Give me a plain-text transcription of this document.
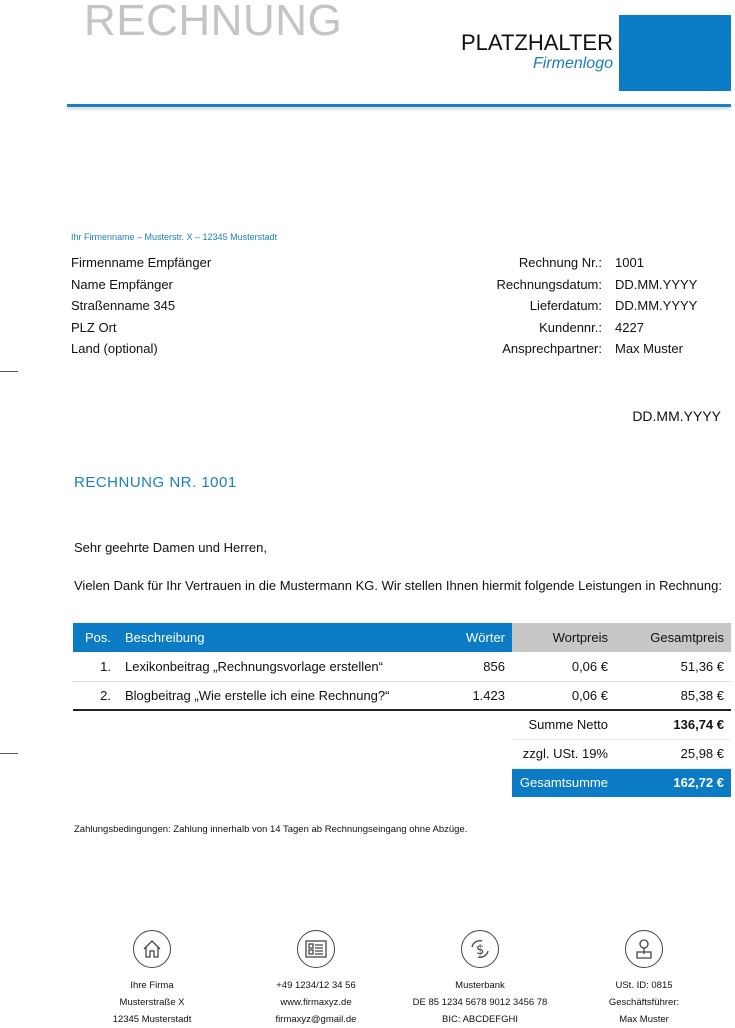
RECHNUNG	PLATZHALTER
Firmenlogo
Ihr Firmenname – Musterstr. X – 12345 Musterstadt
Firmenname Empfänger
Name Empfänger
Straßenname 345
PLZ Ort
Land (optional)
Rechnung Nr.:	1001
Rechnungsdatum:	DD.MM.YYYY
Lieferdatum:	DD.MM.YYYY
Kundennr.:	4227
Ansprechpartner:	Max Muster
DD.MM.YYYY
RECHNUNG NR. 1001
Sehr geehrte Damen und Herren,
Vielen Dank für Ihr Vertrauen in die Mustermann KG. Wir stellen Ihnen hiermit folgende Leistungen in Rechnung:
Pos.	Beschreibung	Wörter	Wortpreis	Gesamtpreis
1.	Lexikonbeitrag „Rechnungsvorlage erstellen“	856	0,06 €	51,36 €
2.	Blogbeitrag „Wie erstelle ich eine Rechnung?“	1.423	0,06 €	85,38 €
			Summe Netto	136,74 €
			zzgl. USt. 19%	25,98 €
			Gesamtsumme	162,72 €
Zahlungsbedingungen: Zahlung innerhalb von 14 Tagen ab Rechnungseingang ohne Abzüge.
Ihre Firma
Musterstraße X
12345 Musterstadt
+49 1234/12 34 56
www.firmaxyz.de
firmaxyz@gmail.de
$
Musterbank
DE 85 1234 5678 9012 3456 78
BIC: ABCDEFGHI
USt. ID: 0815
Geschäftsführer:
Max Muster
